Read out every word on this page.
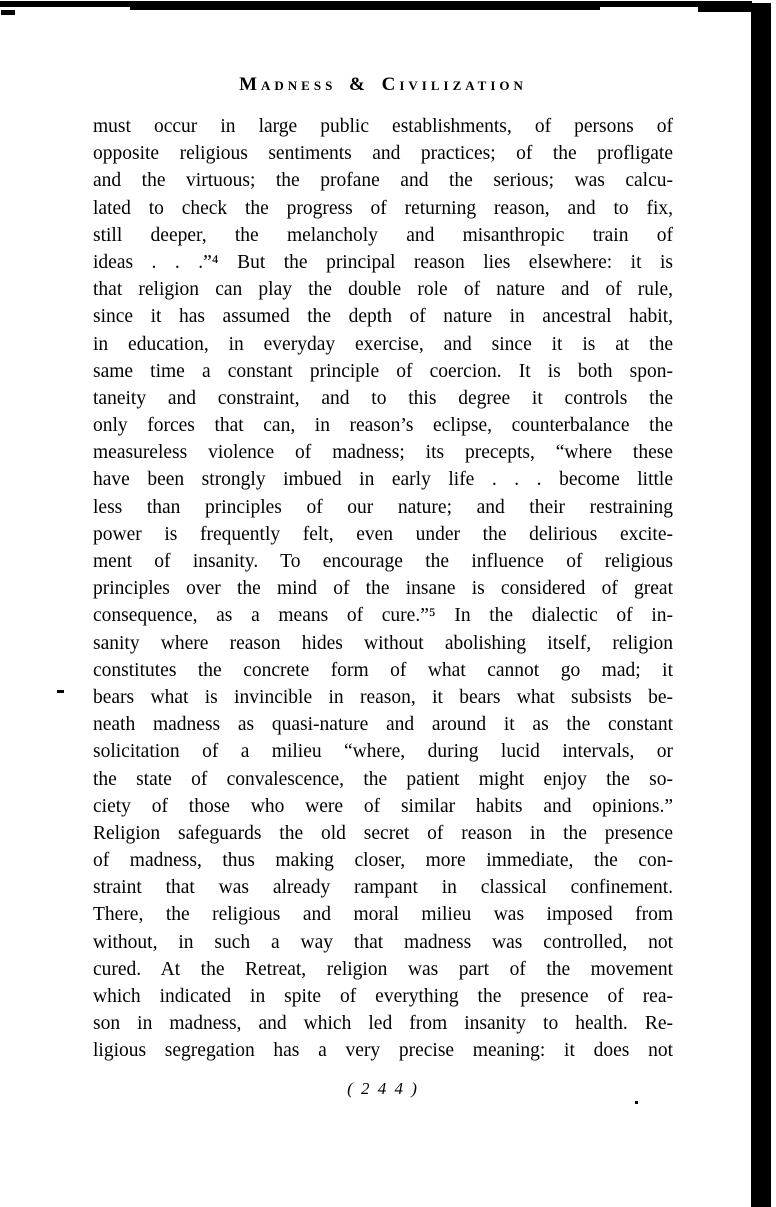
Madness & Civilization
must occur in large public establishments, of persons of
opposite religious sentiments and practices; of the profligate
and the virtuous; the profane and the serious; was calcu-
lated to check the progress of returning reason, and to fix,
still deeper, the melancholy and misanthropic train of
ideas . . .”⁴ But the principal reason lies elsewhere: it is
that religion can play the double role of nature and of rule,
since it has assumed the depth of nature in ancestral habit,
in education, in everyday exercise, and since it is at the
same time a constant principle of coercion. It is both spon-
taneity and constraint, and to this degree it controls the
only forces that can, in reason’s eclipse, counterbalance the
measureless violence of madness; its precepts, “where these
have been strongly imbued in early life . . . become little
less than principles of our nature; and their restraining
power is frequently felt, even under the delirious excite-
ment of insanity. To encourage the influence of religious
principles over the mind of the insane is considered of great
consequence, as a means of cure.”⁵ In the dialectic of in-
sanity where reason hides without abolishing itself, religion
constitutes the concrete form of what cannot go mad; it
bears what is invincible in reason, it bears what subsists be-
neath madness as quasi-nature and around it as the constant
solicitation of a milieu “where, during lucid intervals, or
the state of convalescence, the patient might enjoy the so-
ciety of those who were of similar habits and opinions.”
Religion safeguards the old secret of reason in the presence
of madness, thus making closer, more immediate, the con-
straint that was already rampant in classical confinement.
There, the religious and moral milieu was imposed from
without, in such a way that madness was controlled, not
cured. At the Retreat, religion was part of the movement
which indicated in spite of everything the presence of rea-
son in madness, and which led from insanity to health. Re-
ligious segregation has a very precise meaning: it does not
( 2 4 4 )
